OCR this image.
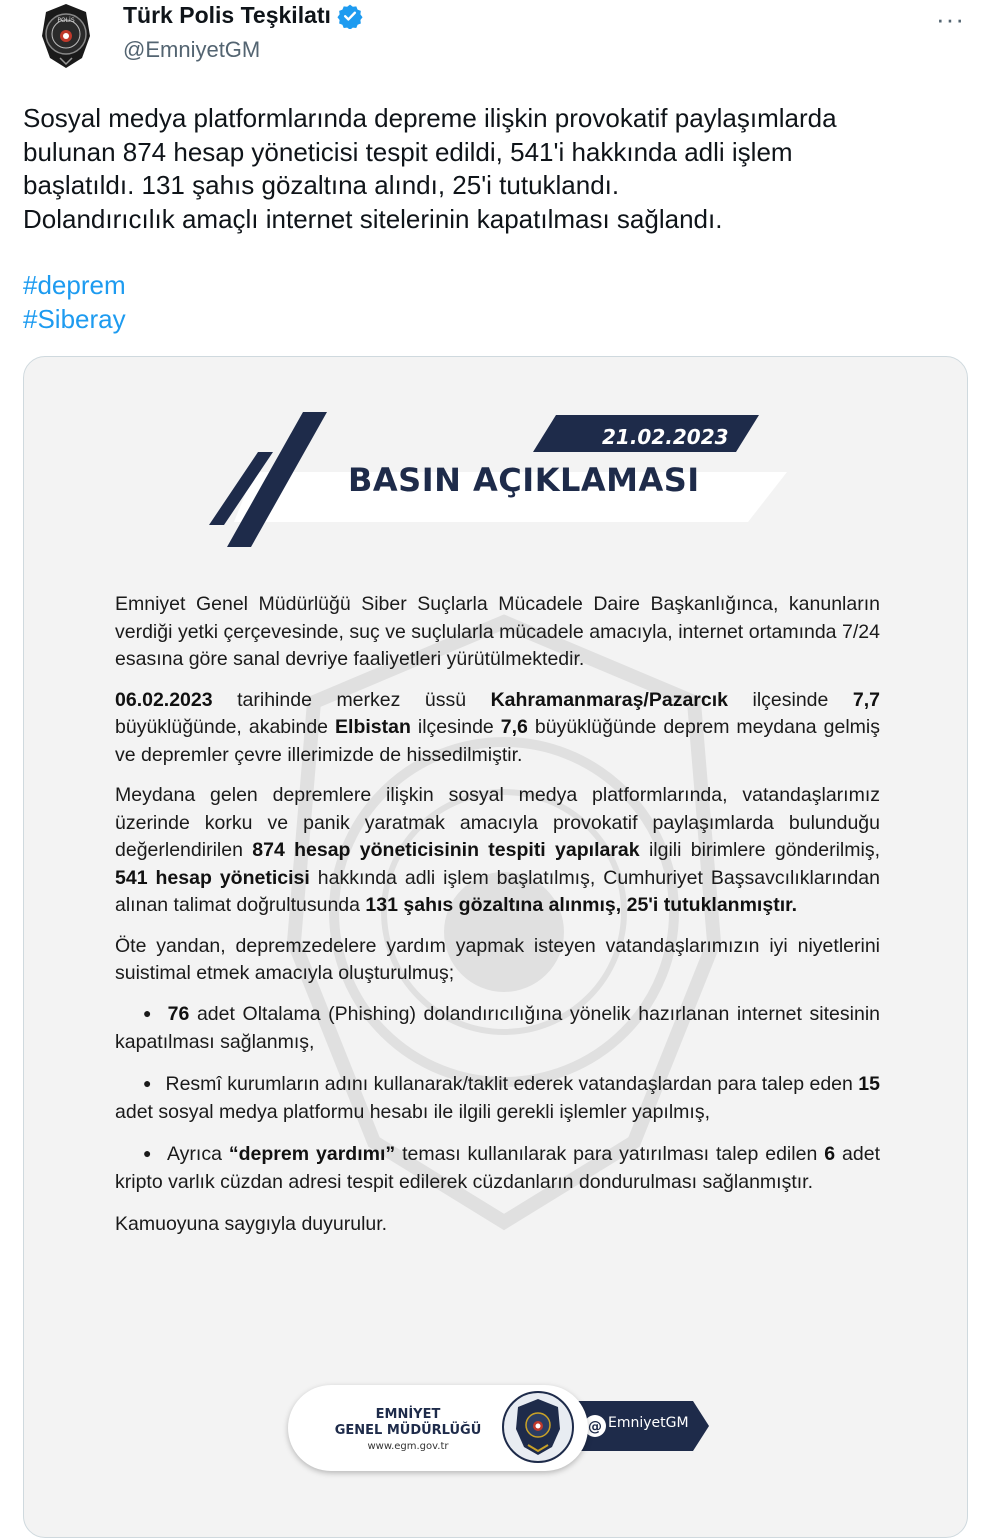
POLİS Türk Polis Teşkilatı
@EmniyetGM
···

Sosyal medya platformlarında depreme ilişkin provokatif paylaşımlarda

bulunan 874 hesap yöneticisi tespit edildi, 541'i hakkında adli işlem

başlatıldı. 131 şahıs gözaltına alındı, 25'i tutuklandı.

Dolandırıcılık amaçlı internet sitelerinin kapatılması sağlandı.

#deprem
#Siberay
21.02.2023
BASIN AÇIKLAMASI

Emniyet Genel Müdürlüğü Siber Suçlarla Mücadele Daire Başkanlığınca, kanunların verdiği yetki çerçevesinde, suç ve suçlularla mücadele amacıyla, internet ortamında 7/24 esasına göre sanal devriye faaliyetleri yürütülmektedir.

06.02.2023 tarihinde merkez üssü Kahramanmaraş/Pazarcık ilçesinde 7,7 büyüklüğünde, akabinde Elbistan ilçesinde 7,6 büyüklüğünde deprem meydana gelmiş ve depremler çevre illerimizde de hissedilmiştir.

Meydana gelen depremlere ilişkin sosyal medya platformlarında, vatandaşlarımız üzerinde korku ve panik yaratmak amacıyla provokatif paylaşımlarda bulunduğu değerlendirilen 874 hesap yöneticisinin tespiti yapılarak ilgili birimlere gönderilmiş, 541 hesap yöneticisi hakkında adli işlem başlatılmış, Cumhuriyet Başsavcılıklarından alınan talimat doğrultusunda 131 şahıs gözaltına alınmış, 25'i tutuklanmıştır.

Öte yandan, depremzedelere yardım yapmak isteyen vatandaşlarımızın iyi niyetlerini suistimal etmek amacıyla oluşturulmuş;

● 76 adet Oltalama (Phishing) dolandırıcılığına yönelik hazırlanan internet sitesinin kapatılması sağlanmış,

● Resmî kurumların adını kullanarak/taklit ederek vatandaşlardan para talep eden 15 adet sosyal medya platformu hesabı ile ilgili gerekli işlemler yapılmış,

● Ayrıca “deprem yardımı” teması kullanılarak para yatırılması talep edilen 6 adet kripto varlık cüzdan adresi tespit edilerek cüzdanların dondurulması sağlanmıştır.

Kamuoyuna saygıyla duyurulur.

@
EMNİYET
GENEL MÜDÜRLÜĞÜ
www.egm.gov.tr
EmniyetGM
